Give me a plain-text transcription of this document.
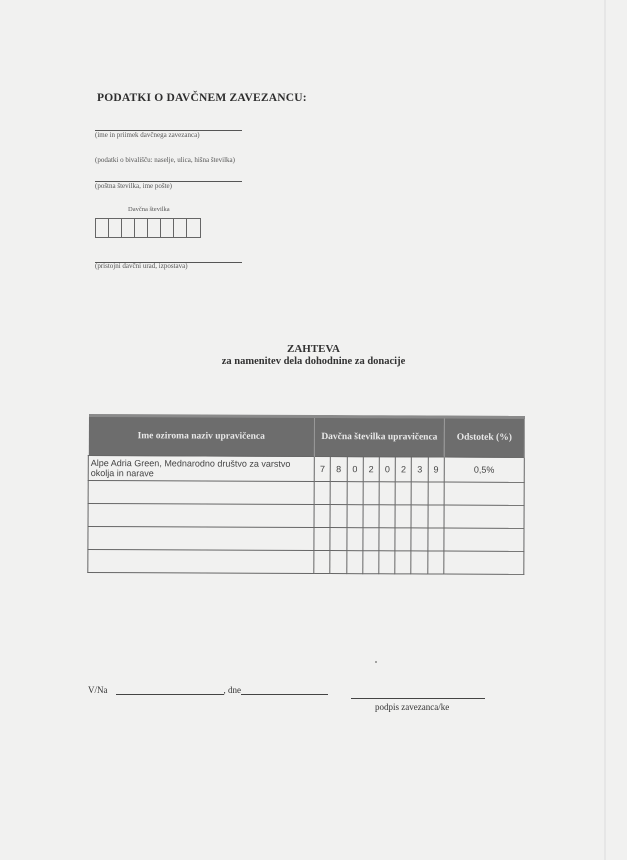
PODATKI O DAVČNEM ZAVEZANCU:
(ime in priimek davčnega zavezanca)
(podatki o bivališču: naselje, ulica, hišna številka)
(poštna številka, ime pošte)
Davčna številka
(pristojni davčni urad, izpostava)
ZAHTEVA
za namenitev dela dohodnine za donacije
Ime oziroma naziv upravičenca	Davčna številka upravičenca								Odstotek (%)
Alpe Adria Green, Mednarodno društvo za varstvo okolja in narave	7	8	0	2	0	2	3	9	0,5%

V/Na	, dne
podpis zavezanca/ke
